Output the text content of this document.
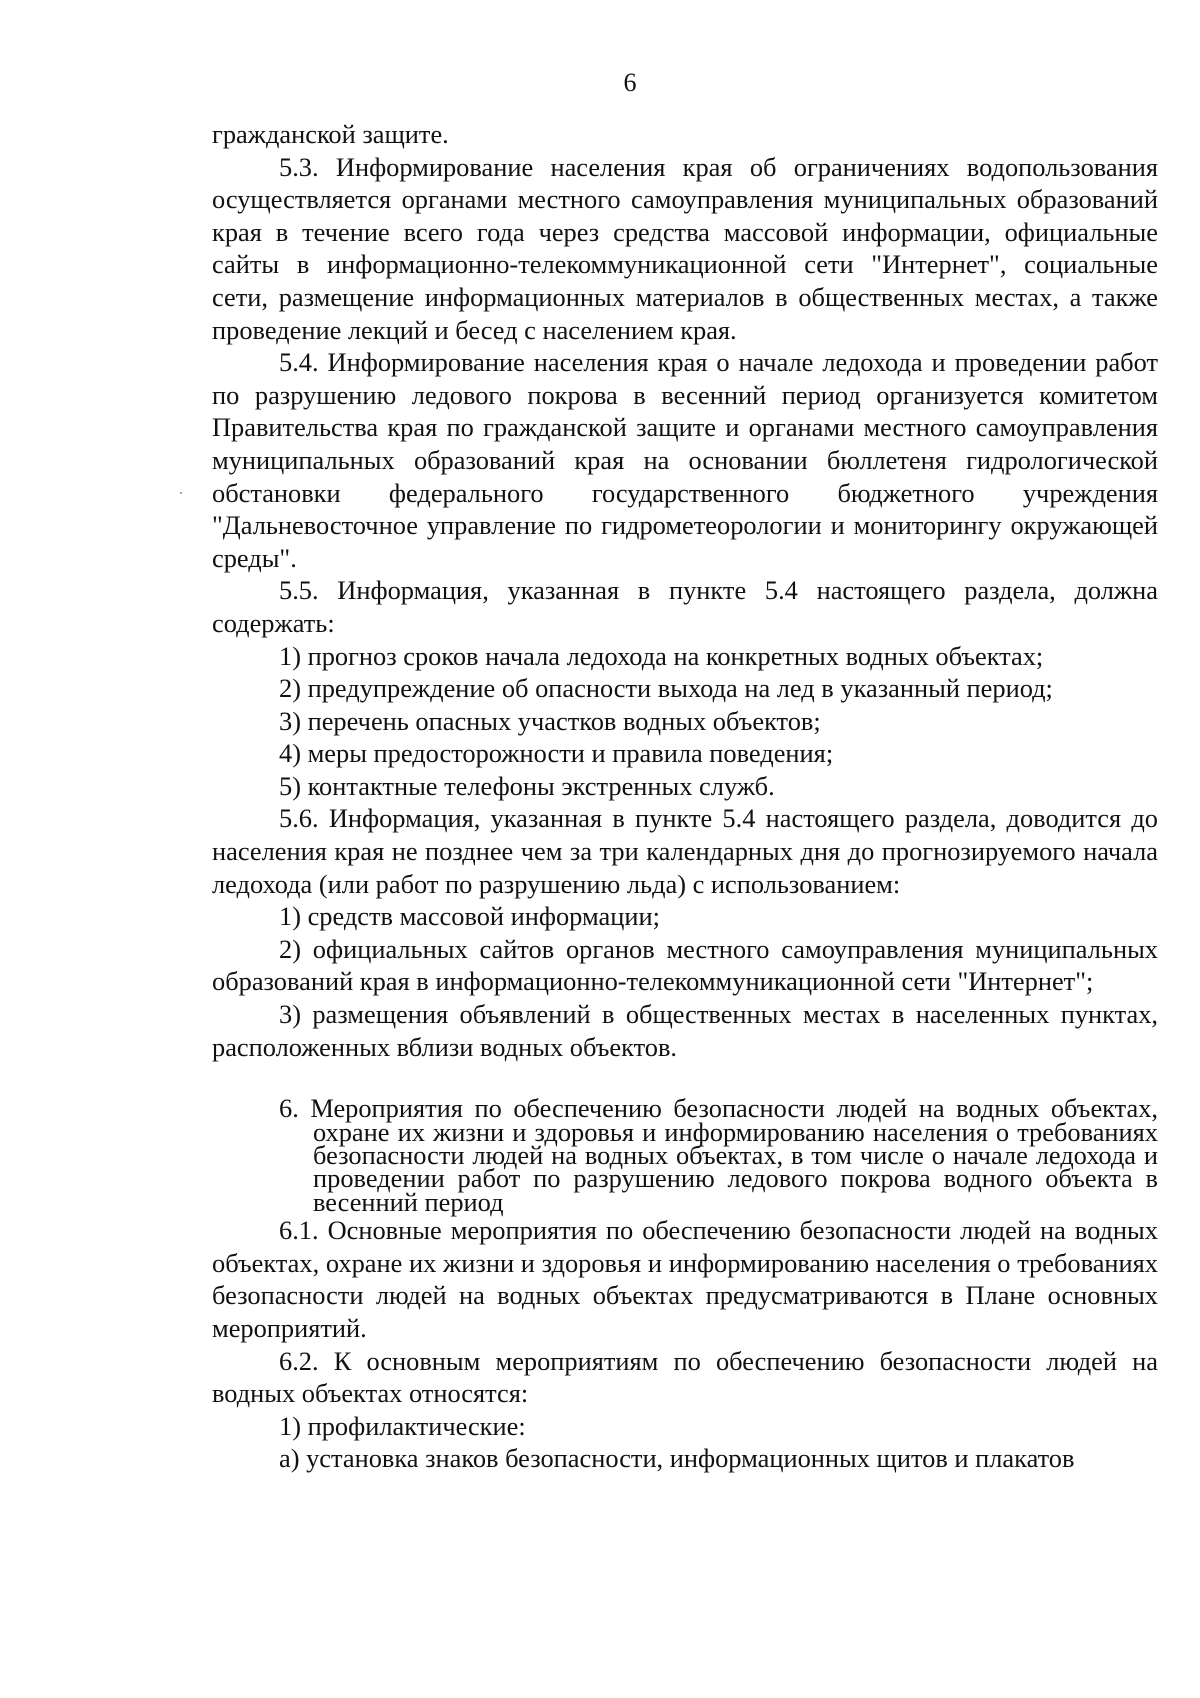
6

гражданской защите.

5.3. Информирование населения края об ограничениях водопользования осуществляется органами местного самоуправления муниципальных образований края в течение всего года через средства массовой информации, официальные сайты в информационно-телекоммуникационной сети "Интернет", социальные сети, размещение информационных материалов в общественных местах, а также проведение лекций и бесед с населением края.

5.4. Информирование населения края о начале ледохода и проведении работ по разрушению ледового покрова в весенний период организуется комитетом Правительства края по гражданской защите и органами местного самоуправления муниципальных образований края на основании бюллетеня гидрологической обстановки федерального государственного бюджетного учреждения "Дальневосточное управление по гидрометеорологии и мониторингу окружающей среды".

5.5. Информация, указанная в пункте 5.4 настоящего раздела, должна содержать:

1) прогноз сроков начала ледохода на конкретных водных объектах;

2) предупреждение об опасности выхода на лед в указанный период;

3) перечень опасных участков водных объектов;

4) меры предосторожности и правила поведения;

5) контактные телефоны экстренных служб.

5.6. Информация, указанная в пункте 5.4 настоящего раздела, доводится до населения края не позднее чем за три календарных дня до прогнозируемого начала ледохода (или работ по разрушению льда) с использованием:

1) средств массовой информации;

2) официальных сайтов органов местного самоуправления муниципальных образований края в информационно-телекоммуникационной сети "Интернет";

3) размещения объявлений в общественных местах в населенных пунктах, расположенных вблизи водных объектов.

6. Мероприятия по обеспечению безопасности людей на водных объектах, охране их жизни и здоровья и информированию населения о требованиях безопасности людей на водных объектах, в том числе о начале ледохода и проведении работ по разрушению ледового покрова водного объекта в весенний период

6.1. Основные мероприятия по обеспечению безопасности людей на водных объектах, охране их жизни и здоровья и информированию населения о требованиях безопасности людей на водных объектах предусматриваются в Плане основных мероприятий.

6.2. К основным мероприятиям по обеспечению безопасности людей на водных объектах относятся:

1) профилактические:

а) установка знаков безопасности, информационных щитов и плакатов
